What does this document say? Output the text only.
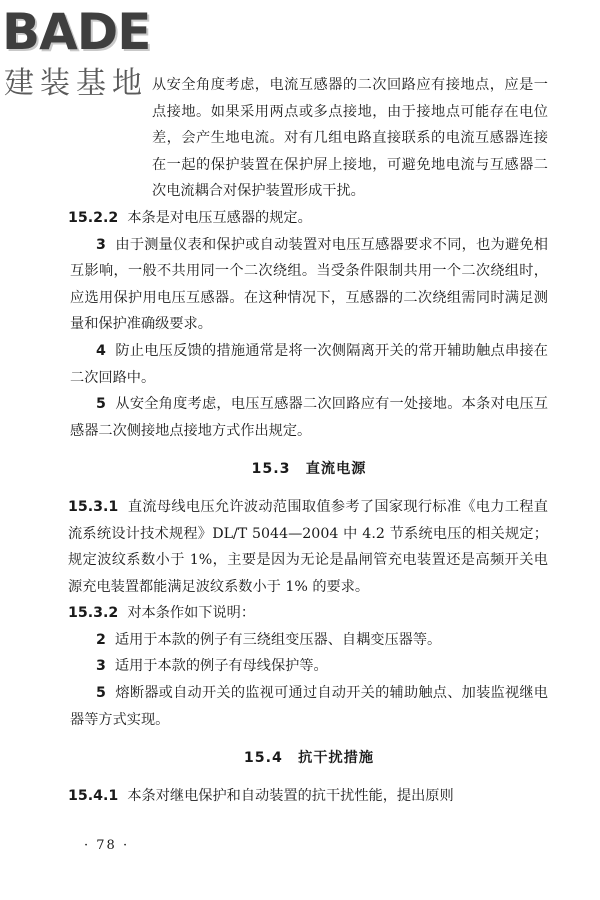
BADE
建装基地 从安全角度考虑，电流互感器的二次回路应有接地点，应是一点接地。如果采用两点或多点接地，由于接地点可能存在电位差，会产生地电流。对有几组电路直接联系的电流互感器连接在一起的保护装置在保护屏上接地，可避免地电流与互感器二次电流耦合对保护装置形成干扰。

15.2.2 本条是对电压互感器的规定。

3 由于测量仪表和保护或自动装置对电压互感器要求不同，也为避免相互影响，一般不共用同一个二次绕组。当受条件限制共用一个二次绕组时，应选用保护用电压互感器。在这种情况下，互感器的二次绕组需同时满足测量和保护准确级要求。

4 防止电压反馈的措施通常是将一次侧隔离开关的常开辅助触点串接在二次回路中。

5 从安全角度考虑，电压互感器二次回路应有一处接地。本条对电压互感器二次侧接地点接地方式作出规定。

15.3　直流电源

15.3.1 直流母线电压允许波动范围取值参考了国家现行标准《电力工程直流系统设计技术规程》DL/T 5044—2004 中 4.2 节系统电压的相关规定；规定波纹系数小于 1%，主要是因为无论是晶闸管充电装置还是高频开关电源充电装置都能满足波纹系数小于 1% 的要求。

15.3.2 对本条作如下说明：

2 适用于本款的例子有三绕组变压器、自耦变压器等。

3 适用于本款的例子有母线保护等。

5 熔断器或自动开关的监视可通过自动开关的辅助触点、加装监视继电器等方式实现。

15.4　抗干扰措施

15.4.1 本条对继电保护和自动装置的抗干扰性能，提出原则

· 78 ·
